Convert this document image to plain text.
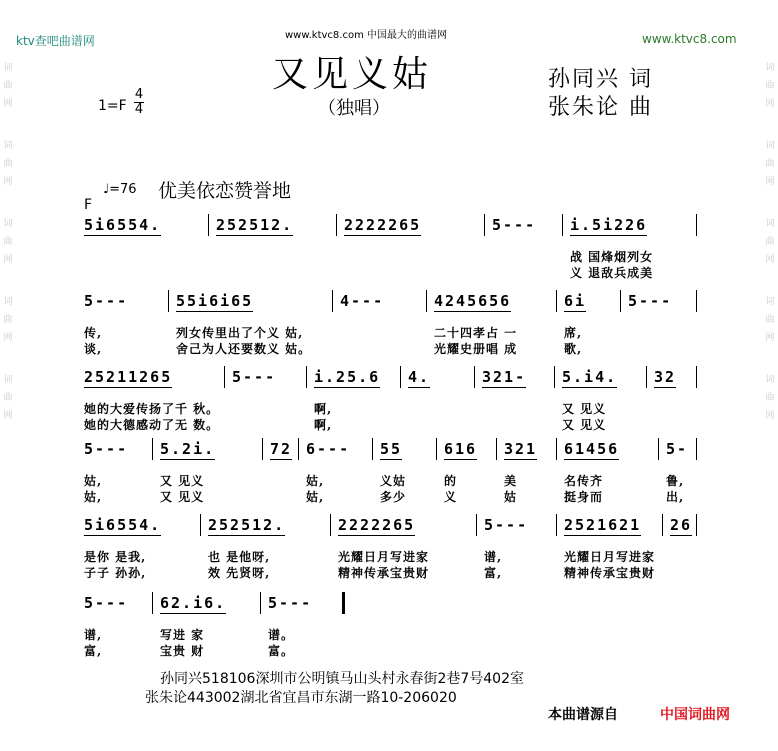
ktv查吧曲谱网	www.ktvc8.com 中国最大的曲谱网	www.ktvc8.com
词
曲
网
词
曲
网
词
曲
网
词
曲
网
词
曲
网
词
曲
网
词
曲
网
词
曲
网
词
曲
网
词
曲
网
又见义姑
（独唱）
孙同兴 词
张朱论 曲
1=F
4
4
F
♩=76 优美依恋赞誉地
5i6554.	252512.	2222265	5--- i.5i226
战 国烽烟列女
义 退敌兵成美
5---
传,
谈,
55i6i65
列女传里出了个义 姑,
舍己为人还要数义 姑。
4---	4245656
二十四孝占 一
光耀史册唱 成
6i
席,
歌,
5---
25211265
她的大爱传扬了千 秋。
她的大德感动了无 数。
5---	i.25.6
啊,
啊,
4.	321- 5.i4.
又 见义
又 见义
32
5---
姑,
姑,
5.2i.
又 见义
又 见义
72 6---
姑,
姑,
55
义姑
多少
616
的
义
321
美
姑
61456
名传齐
挺身而
5-
鲁,
出,
5i6554.
是你 是我,
子子 孙孙,
252512.
也 是他呀,
效 先贤呀,
2222265
光耀日月写进家
精神传承宝贵财
5---
谱,
富,
2521621
光耀日月写进家
精神传承宝贵财
26
5---
谱,
富,
62.i6.
写进 家
宝贵 财
5---
谱。
富。
孙同兴518106深圳市公明镇马山头村永春街2巷7号402室
张朱论443002湖北省宜昌市东湖一路10-206020
本曲谱源自	中国词曲网
